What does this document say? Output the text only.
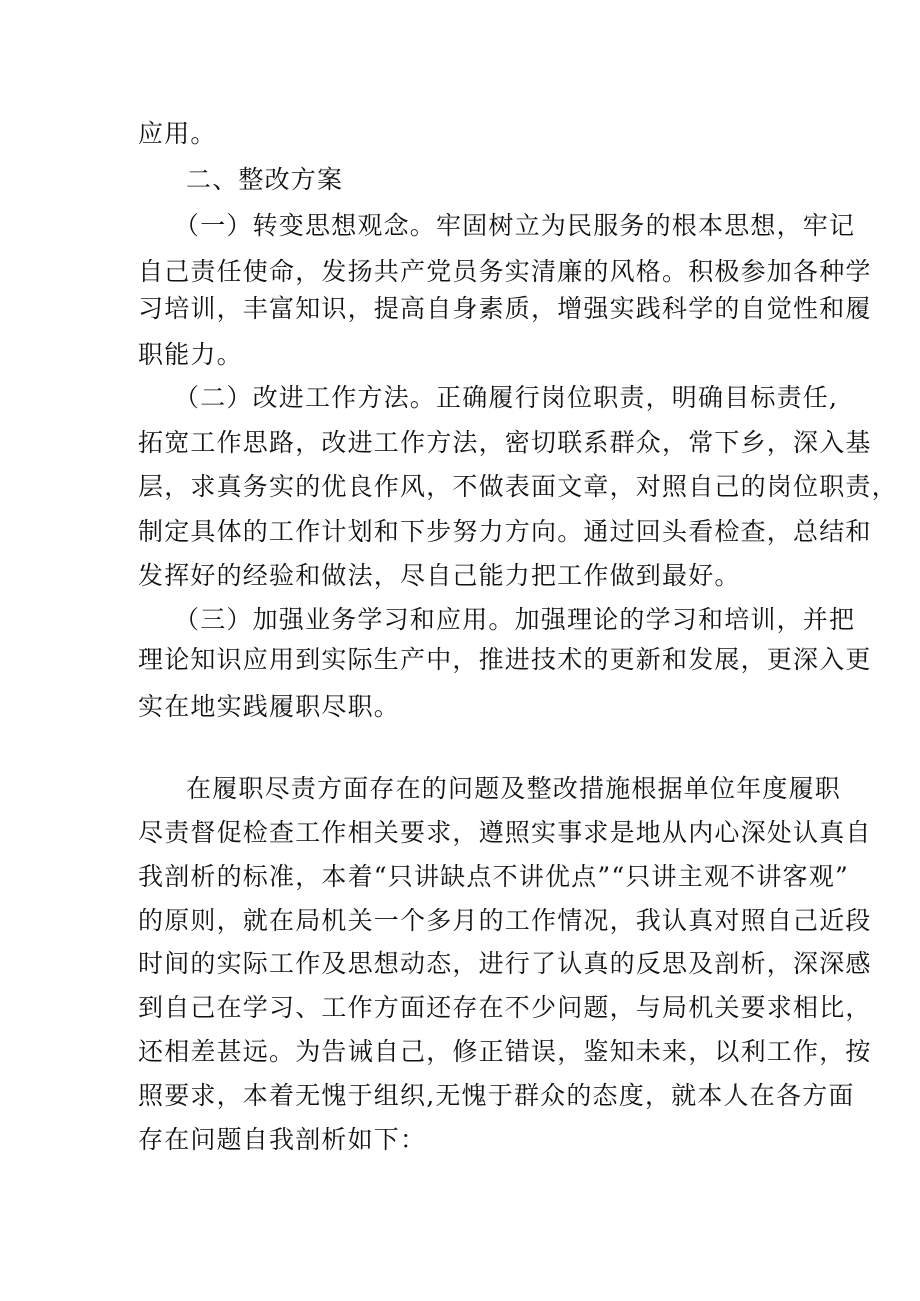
应用。

二、整改方案

（一）转变思想观念。牢固树立为民服务的根本思想，牢记

自己责任使命，发扬共产党员务实清廉的风格。积极参加各种学

习培训，丰富知识，提高自身素质，增强实践科学的自觉性和履

职能力。

（二）改进工作方法。正确履行岗位职责，明确目标责任,

拓宽工作思路，改进工作方法，密切联系群众，常下乡，深入基

层，求真务实的优良作风，不做表面文章，对照自己的岗位职责，

制定具体的工作计划和下步努力方向。通过回头看检查，总结和

发挥好的经验和做法，尽自己能力把工作做到最好。

（三）加强业务学习和应用。加强理论的学习和培训，并把

理论知识应用到实际生产中，推进技术的更新和发展，更深入更

实在地实践履职尽职。

在履职尽责方面存在的问题及整改措施根据单位年度履职

尽责督促检查工作相关要求，遵照实事求是地从内心深处认真自

我剖析的标准，本着“只讲缺点不讲优点”“只讲主观不讲客观”

的原则，就在局机关一个多月的工作情况，我认真对照自己近段

时间的实际工作及思想动态，进行了认真的反思及剖析，深深感

到自己在学习、工作方面还存在不少问题，与局机关要求相比，

还相差甚远。为告诫自己，修正错误，鉴知未来，以利工作，按

照要求，本着无愧于组织,无愧于群众的态度，就本人在各方面

存在问题自我剖析如下：
